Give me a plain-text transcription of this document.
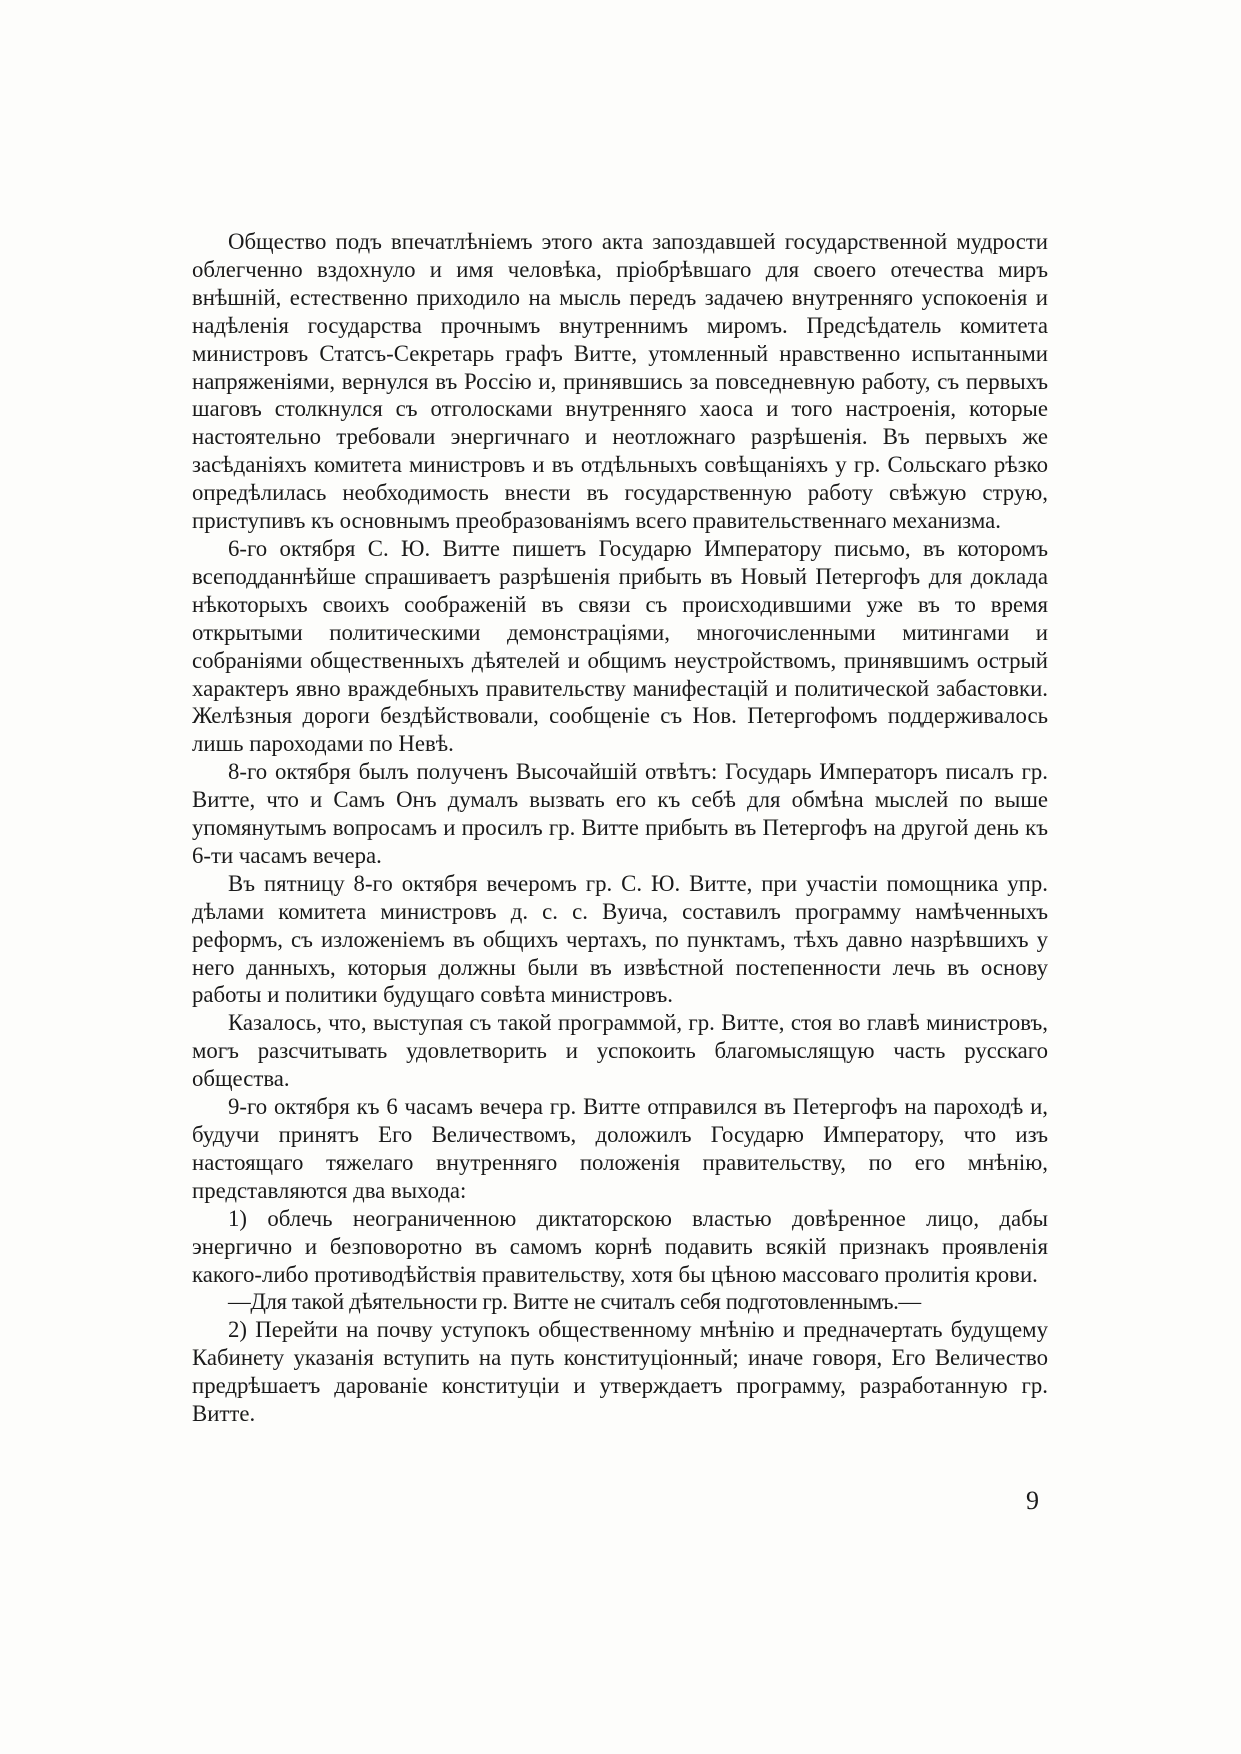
Общество подъ впечатлѣніемъ этого акта запоздавшей государственной мудрости облегченно вздохнуло и имя человѣка, пріобрѣвшаго для своего отечества миръ внѣшній, естественно приходило на мысль передъ задачею внутренняго успокоенія и надѣленія государства прочнымъ внутреннимъ миромъ. Предсѣдатель комитета министровъ Статсъ-Секретарь графъ Витте, утомленный нравственно испытанными напряженіями, вернулся въ Россію и, принявшись за повседневную работу, съ первыхъ шаговъ столкнулся съ отголосками внутренняго хаоса и того настроенія, которые настоятельно требовали энергичнаго и неотложнаго разрѣшенія. Въ первыхъ же засѣданіяхъ комитета министровъ и въ отдѣльныхъ совѣщаніяхъ у гр. Сольскаго рѣзко опредѣлилась необходимость внести въ государственную работу свѣжую струю, приступивъ къ основнымъ преобразованіямъ всего правительственнаго механизма.

6-го октября С. Ю. Витте пишетъ Государю Императору письмо, въ которомъ всеподданнѣйше спрашиваетъ разрѣшенія прибыть въ Новый Петергофъ для доклада нѣкоторыхъ своихъ соображеній въ связи съ происходившими уже въ то время открытыми политическими демонстраціями, многочисленными митингами и собраніями общественныхъ дѣятелей и общимъ неустройствомъ, принявшимъ острый характеръ явно враждебныхъ правительству манифестацій и политической забастовки. Желѣзныя дороги бездѣйствовали, сообщеніе съ Нов. Петергофомъ поддерживалось лишь пароходами по Невѣ.

8-го октября былъ полученъ Высочайшій отвѣтъ: Государь Императоръ писалъ гр. Витте, что и Самъ Онъ думалъ вызвать его къ себѣ для обмѣна мыслей по выше упомянутымъ вопросамъ и просилъ гр. Витте прибыть въ Петергофъ на другой день къ 6-ти часамъ вечера.

Въ пятницу 8-го октября вечеромъ гр. С. Ю. Витте, при участіи помощника упр. дѣлами комитета министровъ д. с. с. Вуича, составилъ программу намѣченныхъ реформъ, съ изложеніемъ въ общихъ чертахъ, по пунктамъ, тѣхъ давно назрѣвшихъ у него данныхъ, которыя должны были въ извѣстной постепенности лечь въ основу работы и политики будущаго совѣта министровъ.

Казалось, что, выступая съ такой программой, гр. Витте, стоя во главѣ министровъ, могъ разсчитывать удовлетворить и успокоить благомыслящую часть русскаго общества.

9-го октября къ 6 часамъ вечера гр. Витте отправился въ Петергофъ на пароходѣ и, будучи принятъ Его Величествомъ, доложилъ Государю Императору, что изъ настоящаго тяжелаго внутренняго положенія правительству, по его мнѣнію, представляются два выхода:

1) облечь неограниченною диктаторскою властью довѣренное лицо, дабы энергично и безповоротно въ самомъ корнѣ подавить всякій признакъ проявленія какого-либо противодѣйствія правительству, хотя бы цѣною массоваго пролитія крови.

—Для такой дѣятельности гр. Витте не считалъ себя подготовленнымъ.—

2) Перейти на почву уступокъ общественному мнѣнію и предначертать будущему Кабинету указанія вступить на путь конституціонный; иначе говоря, Его Величество предрѣшаетъ дарованіе конституціи и утверждаетъ программу, разработанную гр. Витте.

9
